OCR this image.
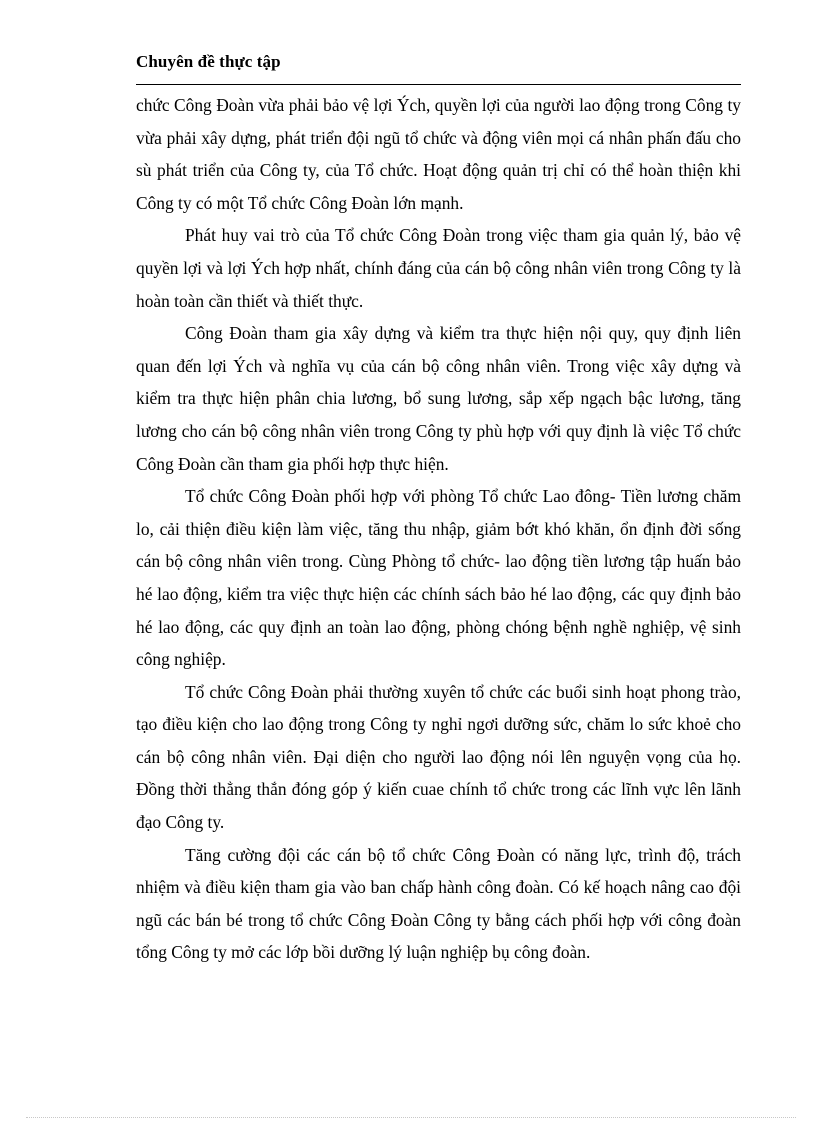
Chuyên đề thực tập

chức Công Đoàn vừa phải bảo vệ lợi Ých, quyền lợi của người lao động trong Công ty vừa phải xây dựng, phát triển đội ngũ tổ chức và động viên mọi cá nhân phấn đấu cho sù phát triển của Công ty, của Tổ chức. Hoạt động quản trị chỉ có thể hoàn thiện khi Công ty có một Tổ chức Công Đoàn lớn mạnh.

Phát huy vai trò của Tổ chức Công Đoàn trong việc tham gia quản lý, bảo vệ quyền lợi và lợi Ých hợp nhất, chính đáng của cán bộ công nhân viên trong Công ty là hoàn toàn cần thiết và thiết thực.

Công Đoàn tham gia xây dựng và kiểm tra thực hiện nội quy, quy định liên quan đến lợi Ých và nghĩa vụ của cán bộ công nhân viên. Trong việc xây dựng và kiểm tra thực hiện phân chia lương, bổ sung lương, sắp xếp ngạch bậc lương, tăng lương cho cán bộ công nhân viên trong Công ty phù hợp với quy định là việc Tổ chức Công Đoàn cần tham gia phối hợp thực hiện.

Tổ chức Công Đoàn phối hợp với phòng Tổ chức Lao đông- Tiền lương chăm lo, cải thiện điều kiện làm việc, tăng thu nhập, giảm bớt khó khăn, ổn định đời sống cán bộ công nhân viên trong. Cùng Phòng tổ chức- lao động tiền lương tập huấn bảo hé lao động, kiểm tra việc thực hiện các chính sách bảo hé lao động, các quy định bảo hé lao động, các quy định an toàn lao động, phòng chóng bệnh nghề nghiệp, vệ sinh công nghiệp.

Tổ chức Công Đoàn phải thường xuyên tổ chức các buổi sinh hoạt phong trào, tạo điều kiện cho lao động trong Công ty nghỉ ngơi dưỡng sức, chăm lo sức khoẻ cho cán bộ công nhân viên. Đại diện cho người lao động nói lên nguyện vọng của họ. Đồng thời thẳng thắn đóng góp ý kiến cuae chính tổ chức trong các lĩnh vực lên lãnh đạo Công ty.

Tăng cường đội các cán bộ tổ chức Công Đoàn có năng lực, trình độ, trách nhiệm và điều kiện tham gia vào ban chấp hành công đoàn. Có kế hoạch nâng cao đội ngũ các bán bé trong tổ chức Công Đoàn Công ty bằng cách phối hợp với công đoàn tổng Công ty mở các lớp bồi dưỡng lý luận nghiệp bụ công đoàn.
